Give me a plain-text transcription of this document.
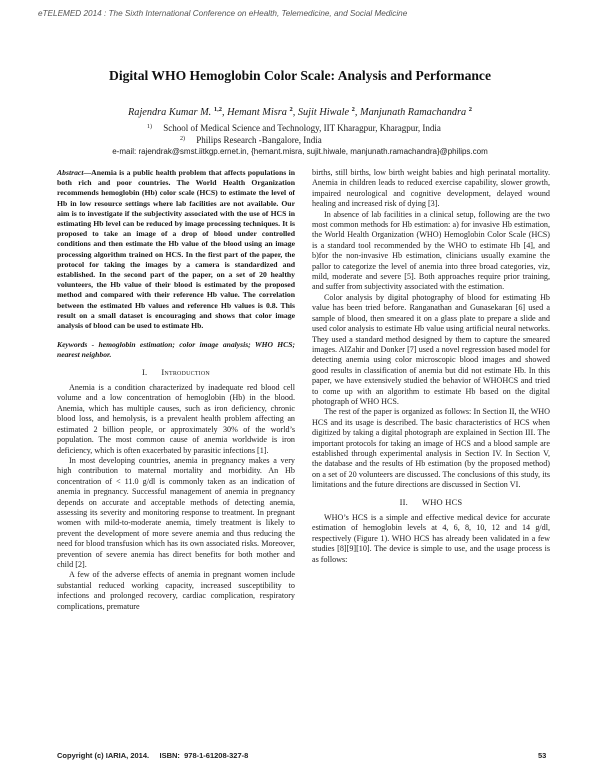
eTELEMED 2014 : The Sixth International Conference on eHealth, Telemedicine, and Social Medicine
Digital WHO Hemoglobin Color Scale: Analysis and Performance
Rajendra Kumar M. $^{1,2}$, Hemant Misra $^2$, Sujit Hiwale $^2$, Manjunath Ramachandra $^2$
$^{1)}$ School of Medical Science and Technology, IIT Kharagpur, Kharagpur, India
$^{2)}$ Philips Research -Bangalore, India
e-mail: rajendrak@smst.iitkgp.ernet.in, {hemant.misra, sujit.hiwale, manjunath.ramachandra}@philips.com

Abstract—Anemia is a public health problem that affects populations in both rich and poor countries. The World Health Organization recommends hemoglobin (Hb) color scale (HCS) to estimate the level of Hb in low resource settings where lab facilities are not available. Our aim is to investigate if the subjectivity associated with the use of HCS in estimating Hb level can be reduced by image processing techniques. It is proposed to take an image of a drop of blood under controlled conditions and then estimate the Hb value of the blood using an image processing algorithm trained on HCS. In the first part of the paper, the protocol for taking the images by a camera is standardized and established. In the second part of the paper, on a set of 20 healthy volunteers, the Hb value of their blood is estimated by the proposed method and compared with their reference Hb value. The correlation between the estimated Hb values and reference Hb values is 0.8. This result on a small dataset is encouraging and shows that color image analysis of blood can be used to estimate Hb.

Keywords - hemoglobin estimation; color image analysis; WHO HCS; nearest neighbor.

I. Introduction

Anemia is a condition characterized by inadequate red blood cell volume and a low concentration of hemoglobin (Hb) in the blood. Anemia, which has multiple causes, such as iron deficiency, chronic blood loss, and hemolysis, is a prevalent health problem affecting an estimated 2 billion people, or approximately 30% of the world’s population. The most common cause of anemia worldwide is iron deficiency, which is often exacerbated by parasitic infections [1].

In most developing countries, anemia in pregnancy makes a very high contribution to maternal mortality and morbidity. An Hb concentration of < 11.0 g/dl is commonly taken as an indication of anemia in pregnancy. Successful management of anemia in pregnancy depends on accurate and acceptable methods of detecting anemia, assessing its severity and monitoring response to treatment. In pregnant women with mild-to-moderate anemia, timely treatment is likely to prevent the development of more severe anemia and thus reducing the need for blood transfusion which has its own associated risks. Moreover, prevention of severe anemia has direct benefits for both mother and child [2].

A few of the adverse effects of anemia in pregnant women include substantial reduced working capacity, increased susceptibility to infections and prolonged recovery, cardiac complication, respiratory complications, premature

births, still births, low birth weight babies and high perinatal mortality. Anemia in children leads to reduced exercise capability, slower growth, impaired neurological and cognitive development, delayed wound healing and increased risk of dying [3].

In absence of lab facilities in a clinical setup, following are the two most common methods for Hb estimation: a) for invasive Hb estimation, the World Health Organization (WHO) Hemoglobin Color Scale (HCS) is a standard tool recommended by the WHO to estimate Hb [4], and b)for the non-invasive Hb estimation, clinicians usually examine the pallor to categorize the level of anemia into three broad categories, viz, mild, moderate and severe [5]. Both approaches require prior training, and suffer from subjectivity associated with the estimation.

Color analysis by digital photography of blood for estimating Hb value has been tried before. Ranganathan and Gunasekaran [6] used a sample of blood, then smeared it on a glass plate to prepare a slide and used color analysis to estimate Hb value using artificial neural networks. They used a standard method designed by them to capture the smeared images. AlZahir and Donker [7] used a novel regression based model for detecting anemia using color microscopic blood images and showed good results in classification of anemia but did not estimate Hb. In this paper, we have extensively studied the behavior of WHOHCS and tried to come up with an algorithm to estimate Hb based on the digital photograph of WHO HCS.

The rest of the paper is organized as follows: In Section II, the WHO HCS and its usage is described. The basic characteristics of HCS when digitized by taking a digital photograph are explained in Section III. The important protocols for taking an image of HCS and a blood sample are established through experimental analysis in Section IV. In Section V, the database and the results of Hb estimation (by the proposed method) on a set of 20 volunteers are discussed. The conclusions of this study, its limitations and the future directions are discussed in Section VI.

II. WHO HCS

WHO’s HCS is a simple and effective medical device for accurate estimation of hemoglobin levels at 4, 6, 8, 10, 12 and 14 g/dl, respectively (Figure 1). WHO HCS has already been validated in a few studies [8][9][10]. The device is simple to use, and the usage process is as follows:

Copyright (c) IARIA, 2014.     ISBN:  978-1-61208-327-8	53
